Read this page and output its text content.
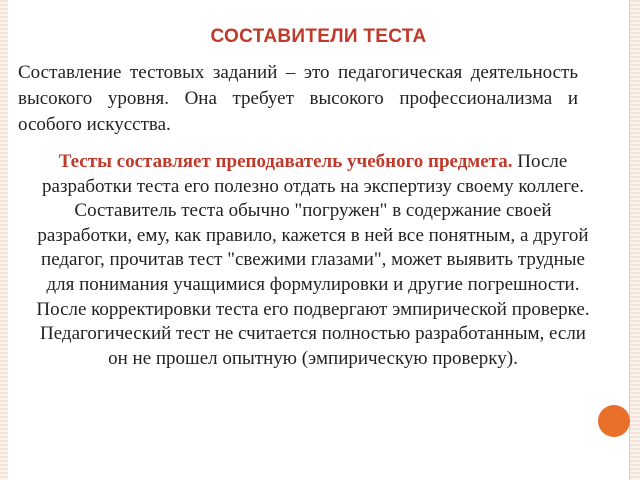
СОСТАВИТЕЛИ ТЕСТА
Составление тестовых заданий – это педагогическая деятельность высокого уровня. Она требует высокого профессионализма и особого искусства.
Тесты составляет преподаватель учебного предмета. После разработки теста его полезно отдать на экспертизу своему коллеге. Составитель теста обычно "погружен" в содержание своей разработки, ему, как правило, кажется в ней все понятным, а другой педагог, прочитав тест "свежими глазами", может выявить трудные для понимания учащимися формулировки и другие погрешности. После корректировки теста его подвергают эмпирической проверке. Педагогический тест не считается полностью разработанным, если он не прошел опытную (эмпирическую проверку).
